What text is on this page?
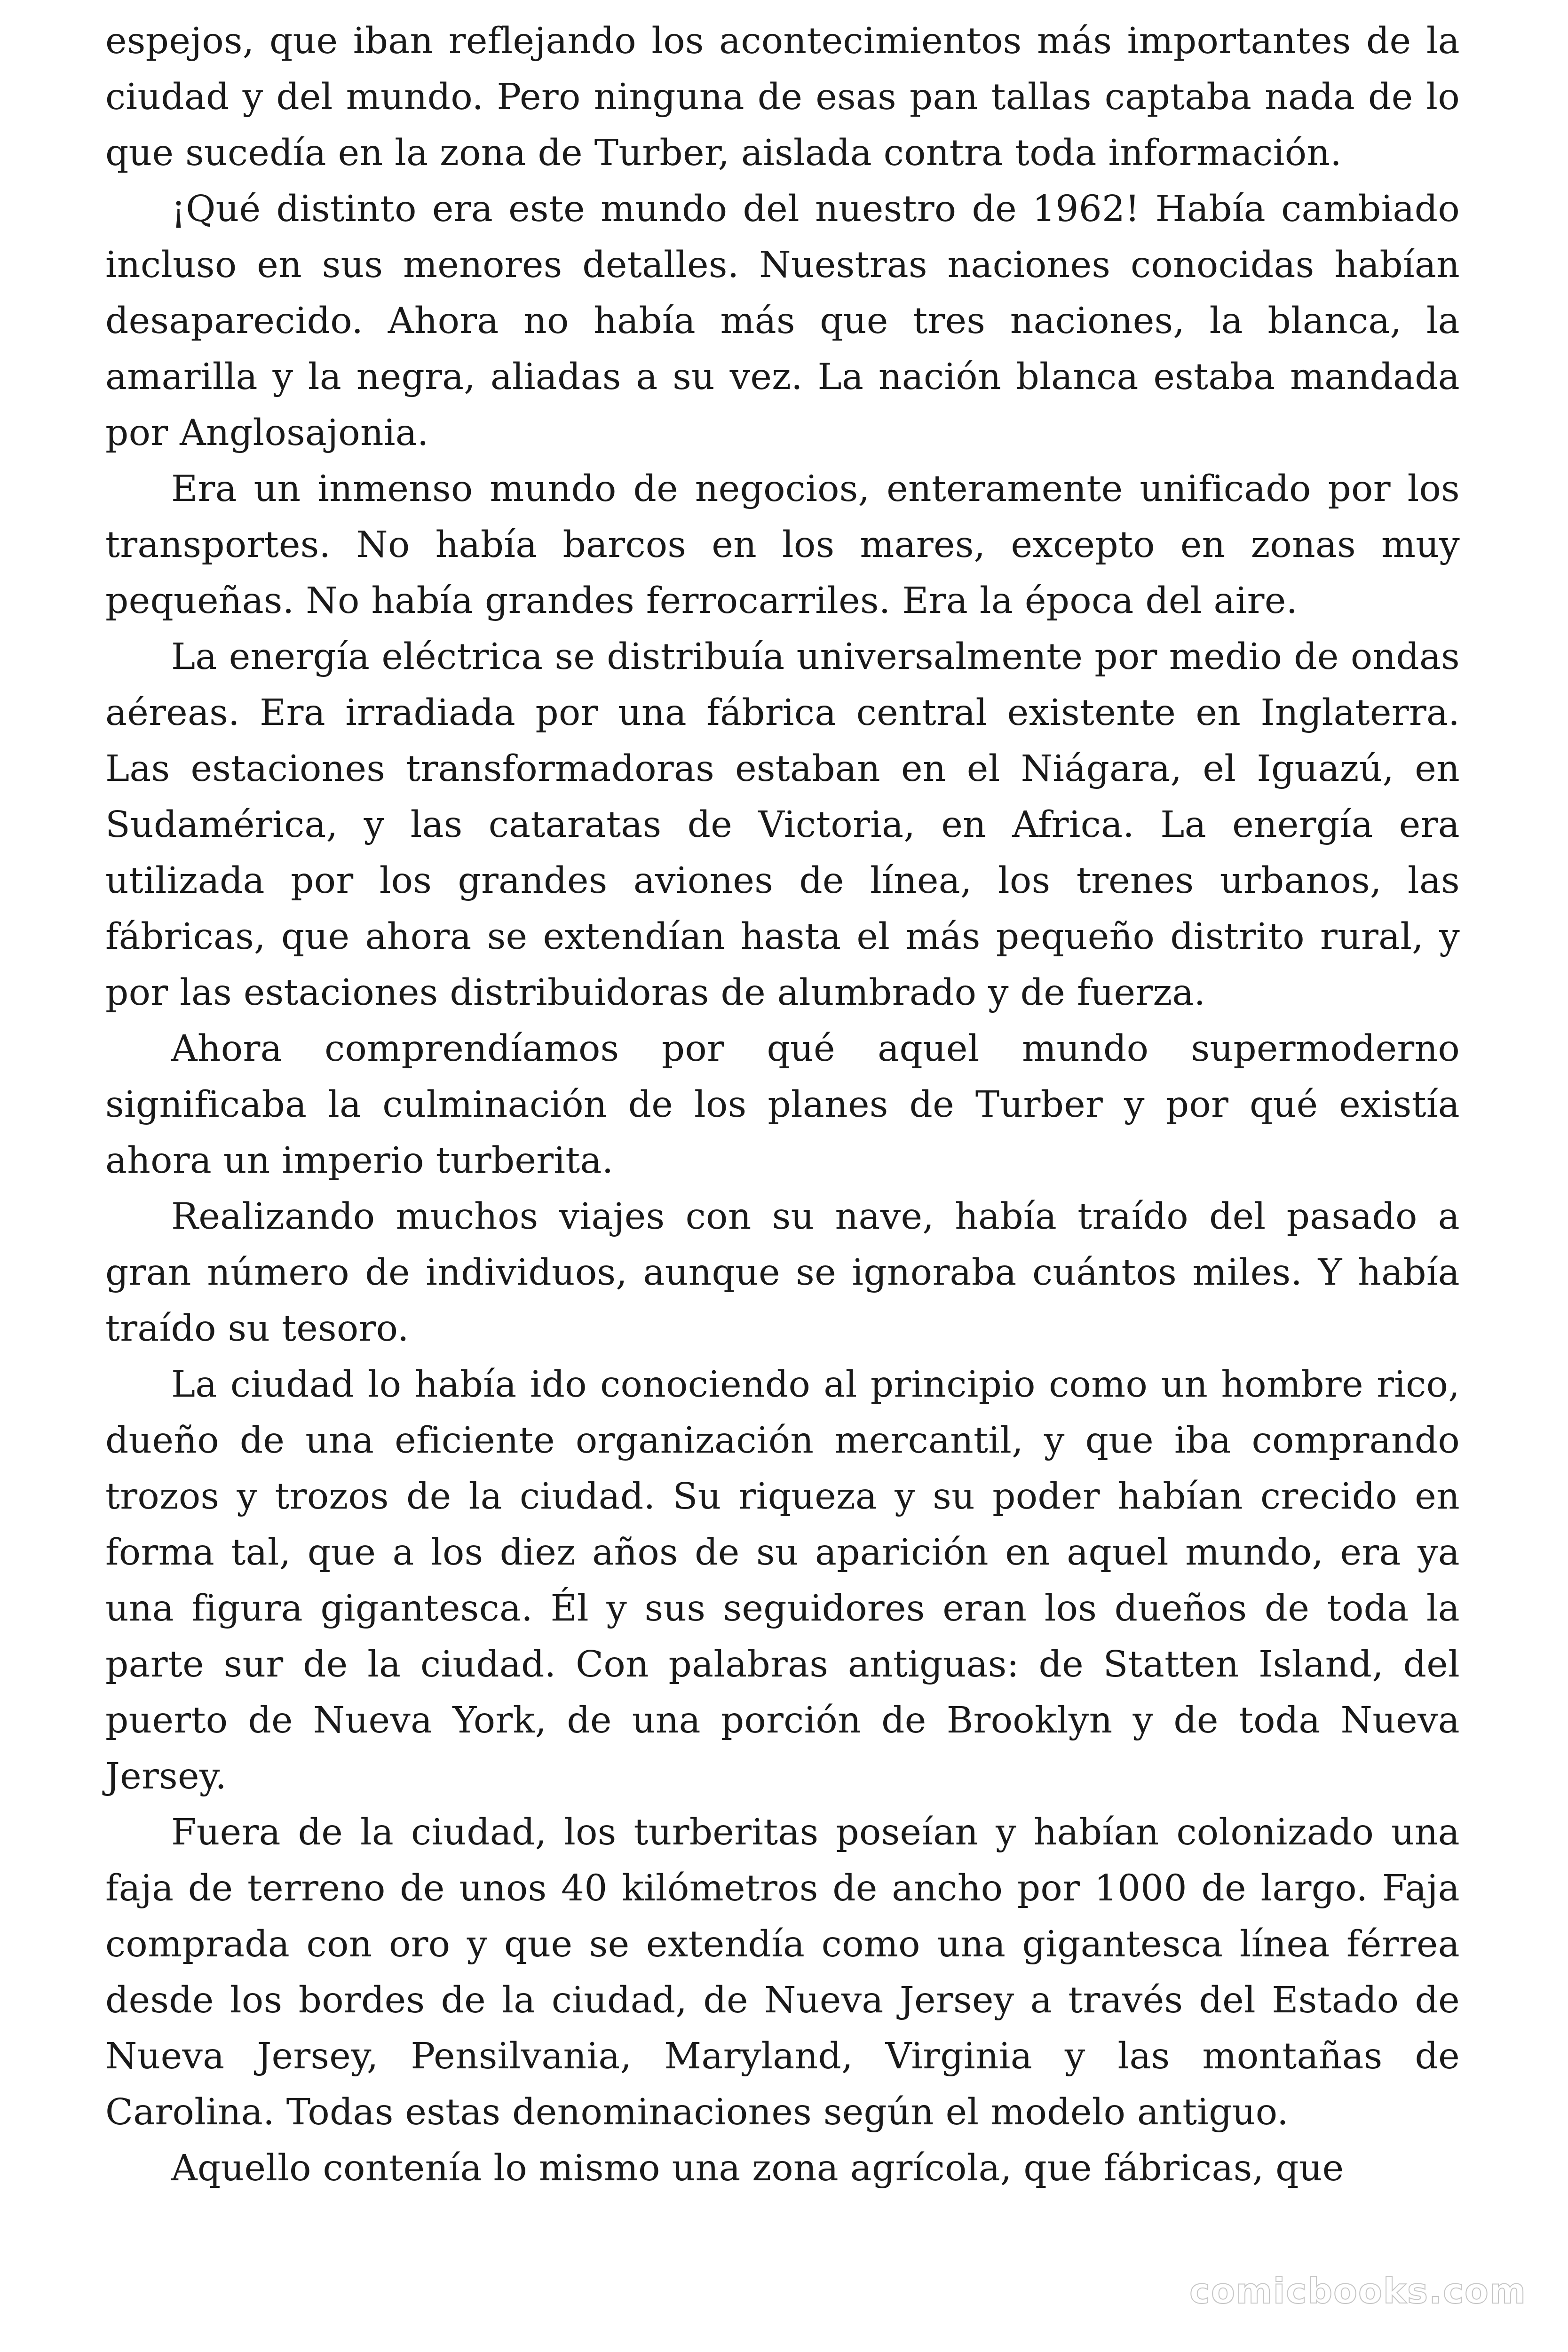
espejos, que iban reflejando los acontecimientos más importantes de la ciudad y del mundo. Pero ninguna de esas pan tallas captaba nada de lo que sucedía en la zona de Turber, aislada contra toda información.

¡Qué distinto era este mundo del nuestro de 1962! Había cambiado incluso en sus menores detalles. Nuestras naciones conocidas habían desaparecido. Ahora no había más que tres naciones, la blanca, la amarilla y la negra, aliadas a su vez. La nación blanca estaba mandada por Anglosajonia.

Era un inmenso mundo de negocios, enteramente unificado por los transportes. No había barcos en los mares, excepto en zonas muy pequeñas. No había grandes ferrocarriles. Era la época del aire.

La energía eléctrica se distribuía universalmente por medio de ondas aéreas. Era irradiada por una fábrica central existente en Inglaterra. Las estaciones transformadoras estaban en el Niágara, el Iguazú, en Sudamérica, y las cataratas de Victoria, en Africa. La energía era utilizada por los grandes aviones de línea, los trenes urbanos, las fábricas, que ahora se extendían hasta el más pequeño distrito rural, y por las estaciones distribuidoras de alumbrado y de fuerza.

Ahora comprendíamos por qué aquel mundo supermoderno significaba la culminación de los planes de Turber y por qué existía ahora un imperio turberita.

Realizando muchos viajes con su nave, había traído del pasado a gran número de individuos, aunque se ignoraba cuántos miles. Y había traído su tesoro.

La ciudad lo había ido conociendo al principio como un hombre rico, dueño de una eficiente organización mercantil, y que iba comprando trozos y trozos de la ciudad. Su riqueza y su poder habían crecido en forma tal, que a los diez años de su aparición en aquel mundo, era ya una figura gigantesca. Él y sus seguidores eran los dueños de toda la parte sur de la ciudad. Con palabras antiguas: de Statten Island, del puerto de Nueva York, de una porción de Brooklyn y de toda Nueva Jersey.

Fuera de la ciudad, los turberitas poseían y habían colonizado una faja de terreno de unos 40 kilómetros de ancho por 1000 de largo. Faja comprada con oro y que se extendía como una gigantesca línea férrea desde los bordes de la ciudad, de Nueva Jersey a través del Estado de Nueva Jersey, Pensilvania, Maryland, Virginia y las montañas de Carolina. Todas estas denominaciones según el modelo antiguo.

Aquello contenía lo mismo una zona agrícola, que fábricas, que

comicbooks.com
